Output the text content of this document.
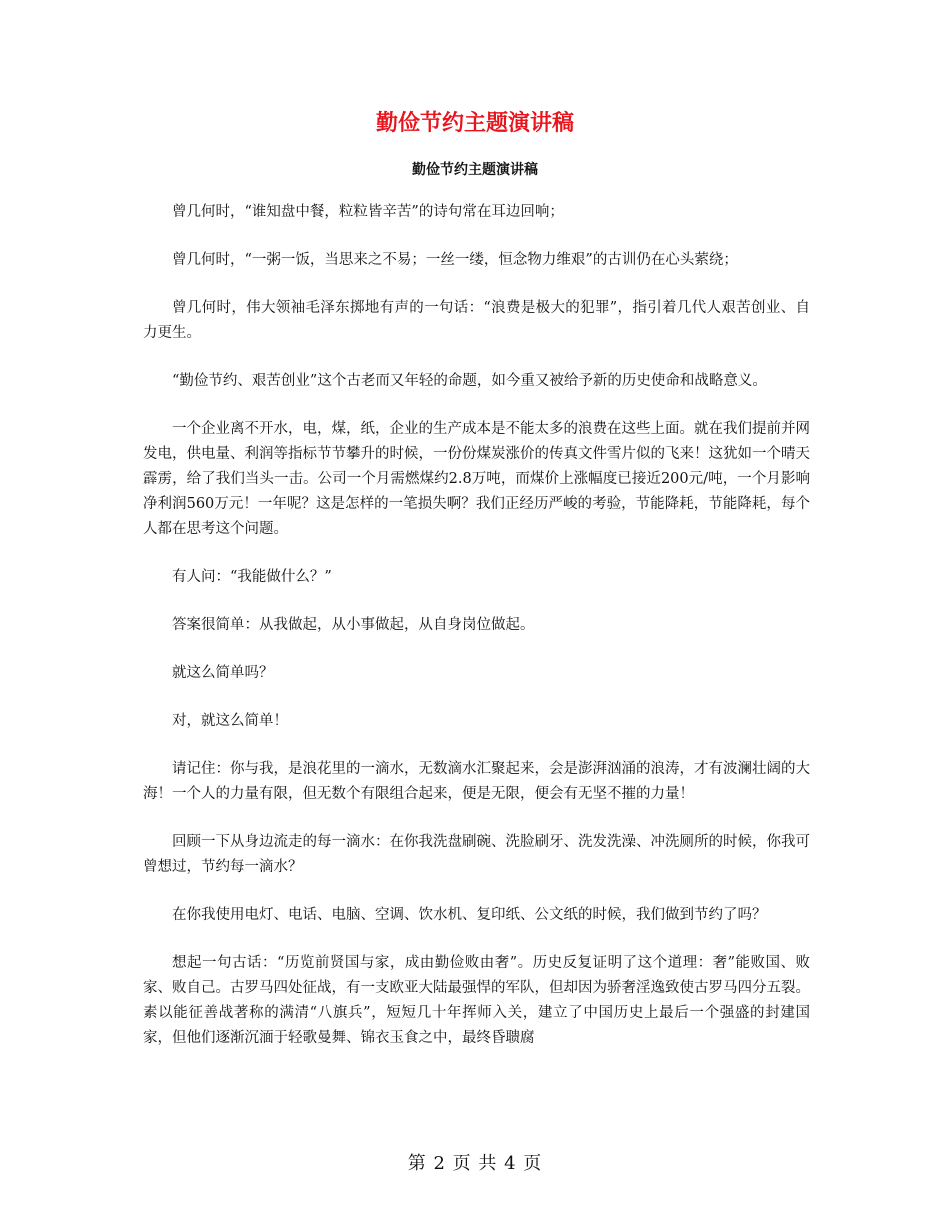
勤俭节约主题演讲稿
勤俭节约主题演讲稿

曾几何时，“谁知盘中餐，粒粒皆辛苦”的诗句常在耳边回响；

曾几何时，“一粥一饭，当思来之不易；一丝一缕，恒念物力维艰”的古训仍在心头萦绕；

曾几何时，伟大领袖毛泽东掷地有声的一句话：“浪费是极大的犯罪”，指引着几代人艰苦创业、自力更生。

“勤俭节约、艰苦创业”这个古老而又年轻的命题，如今重又被给予新的历史使命和战略意义。

一个企业离不开水，电，煤，纸，企业的生产成本是不能太多的浪费在这些上面。就在我们提前并网发电，供电量、利润等指标节节攀升的时候，一份份煤炭涨价的传真文件雪片似的飞来！这犹如一个晴天霹雳，给了我们当头一击。公司一个月需燃煤约2.8万吨，而煤价上涨幅度已接近200元/吨，一个月影响净利润560万元！一年呢？这是怎样的一笔损失啊？我们正经历严峻的考验，节能降耗，节能降耗，每个人都在思考这个问题。

有人问：“我能做什么？”

答案很简单：从我做起，从小事做起，从自身岗位做起。

就这么简单吗？

对，就这么简单！

请记住：你与我，是浪花里的一滴水，无数滴水汇聚起来，会是澎湃汹涌的浪涛，才有波澜壮阔的大海！一个人的力量有限，但无数个有限组合起来，便是无限，便会有无坚不摧的力量！

回顾一下从身边流走的每一滴水：在你我洗盘刷碗、洗脸刷牙、洗发洗澡、冲洗厕所的时候，你我可曾想过，节约每一滴水？

在你我使用电灯、电话、电脑、空调、饮水机、复印纸、公文纸的时候，我们做到节约了吗？

想起一句古话：“历览前贤国与家，成由勤俭败由奢”。历史反复证明了这个道理：奢”能败国、败家、败自己。古罗马四处征战，有一支欧亚大陆最强悍的军队，但却因为骄奢淫逸致使古罗马四分五裂。素以能征善战著称的满清“八旗兵”，短短几十年挥师入关，建立了中国历史上最后一个强盛的封建国家，但他们逐渐沉湎于轻歌曼舞、锦衣玉食之中，最终昏聩腐

第 2 页 共 4 页
